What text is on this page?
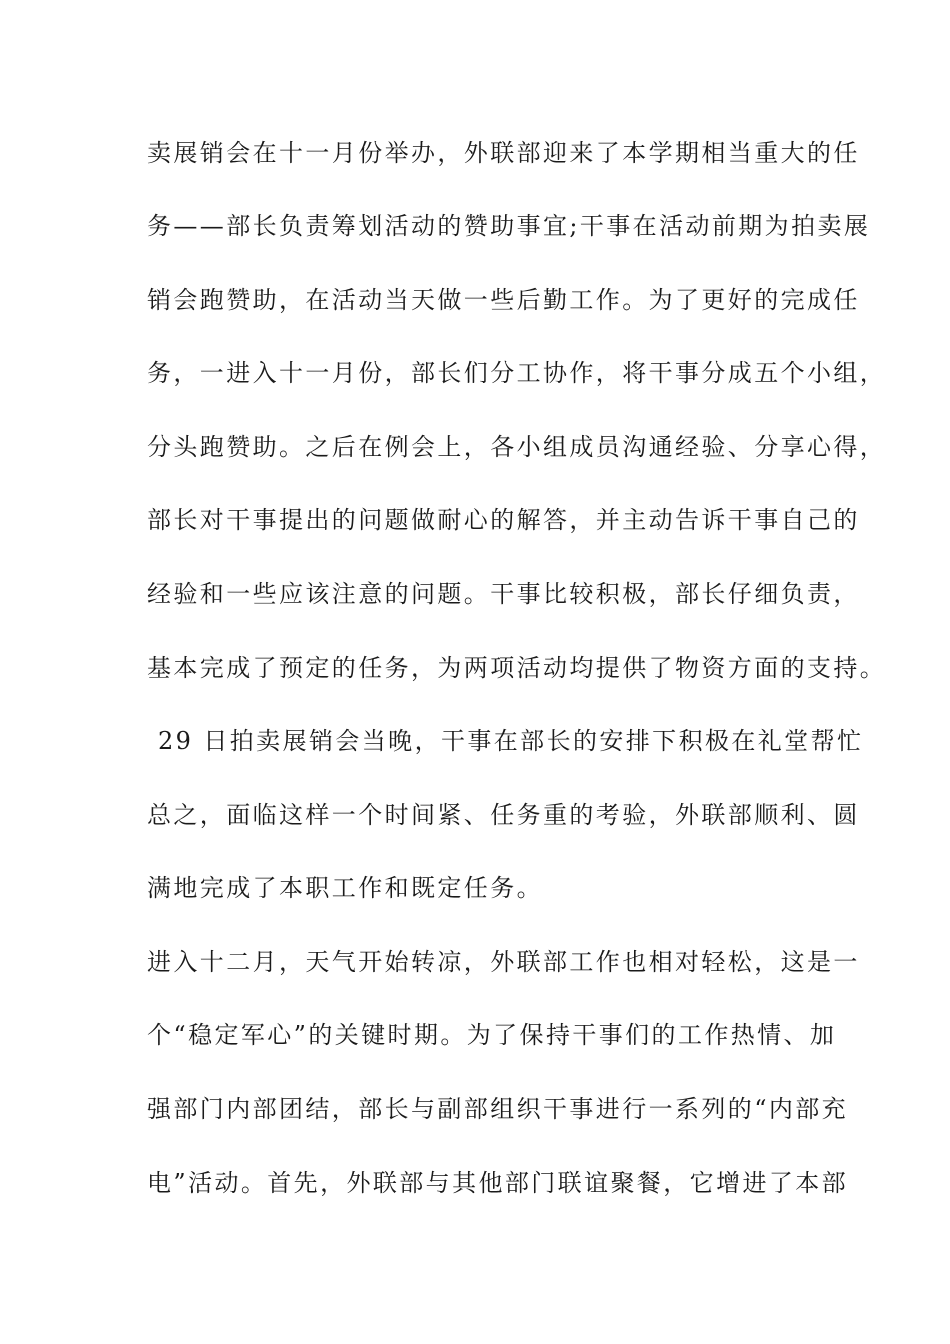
卖展销会在十一月份举办，外联部迎来了本学期相当重大的任
务——部长负责筹划活动的赞助事宜;干事在活动前期为拍卖展
销会跑赞助，在活动当天做一些后勤工作。为了更好的完成任
务，一进入十一月份，部长们分工协作，将干事分成五个小组，
分头跑赞助。之后在例会上，各小组成员沟通经验、分享心得，
部长对干事提出的问题做耐心的解答，并主动告诉干事自己的
经验和一些应该注意的问题。干事比较积极，部长仔细负责，
基本完成了预定的任务，为两项活动均提供了物资方面的支持。
29 日拍卖展销会当晚，干事在部长的安排下积极在礼堂帮忙
总之，面临这样一个时间紧、任务重的考验，外联部顺利、圆
满地完成了本职工作和既定任务。
进入十二月，天气开始转凉，外联部工作也相对轻松，这是一
个“稳定军心”的关键时期。为了保持干事们的工作热情、加
强部门内部团结，部长与副部组织干事进行一系列的“内部充
电”活动。首先，外联部与其他部门联谊聚餐，它增进了本部
